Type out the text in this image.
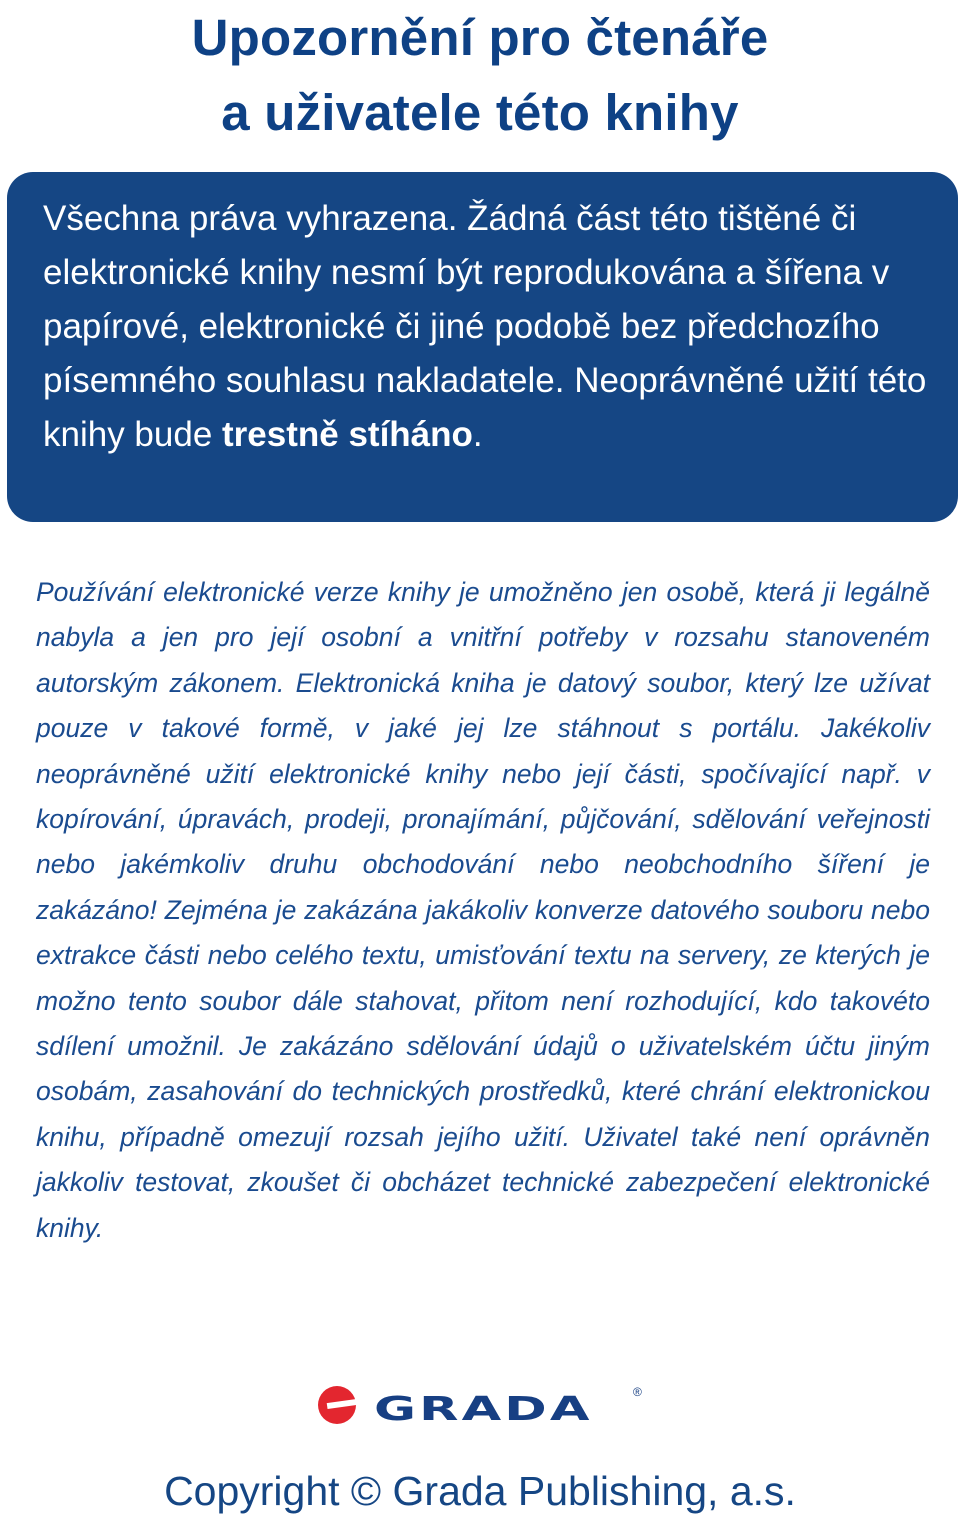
Upozornění pro čtenáře
a uživatele této knihy

Všechna práva vyhrazena. Žádná část této tištěné či elektronické knihy nesmí být reprodukována a šířena v papírové, elektronické či jiné podobě bez předchozího písemného souhlasu nakladatele. Neoprávněné užití této knihy bude trestně stíháno.

Používání elektronické verze knihy je umožněno jen osobě, která ji legálně nabyla a jen pro její osobní a vnitřní potřeby v rozsahu stanoveném autorským zákonem. Elektronická kniha je datový soubor, který lze užívat pouze v takové formě, v jaké jej lze stáhnout s portálu. Jakékoliv neoprávněné užití elektronické knihy nebo její části, spočívající např. v kopírování, úpravách, prodeji, pronajímání, půjčování, sdělování veřejnosti nebo jakémkoliv druhu obchodování nebo neobchodního šíření je zakázáno! Zejména je zakázána jakákoliv konverze datového souboru nebo extrakce části nebo celého textu, umisťování textu na servery, ze kterých je možno tento soubor dále stahovat, přitom není rozhodující, kdo takovéto sdílení umožnil. Je zakázáno sdělování údajů o uživatelském účtu jiným osobám, zasahování do technických prostředků, které chrání elektronickou knihu, případně omezují rozsah jejího užití. Uživatel také není oprávněn jakkoliv testovat, zkoušet či obcházet technické zabezpečení elektronické knihy.

GRADA	®

Copyright © Grada Publishing, a.s.
